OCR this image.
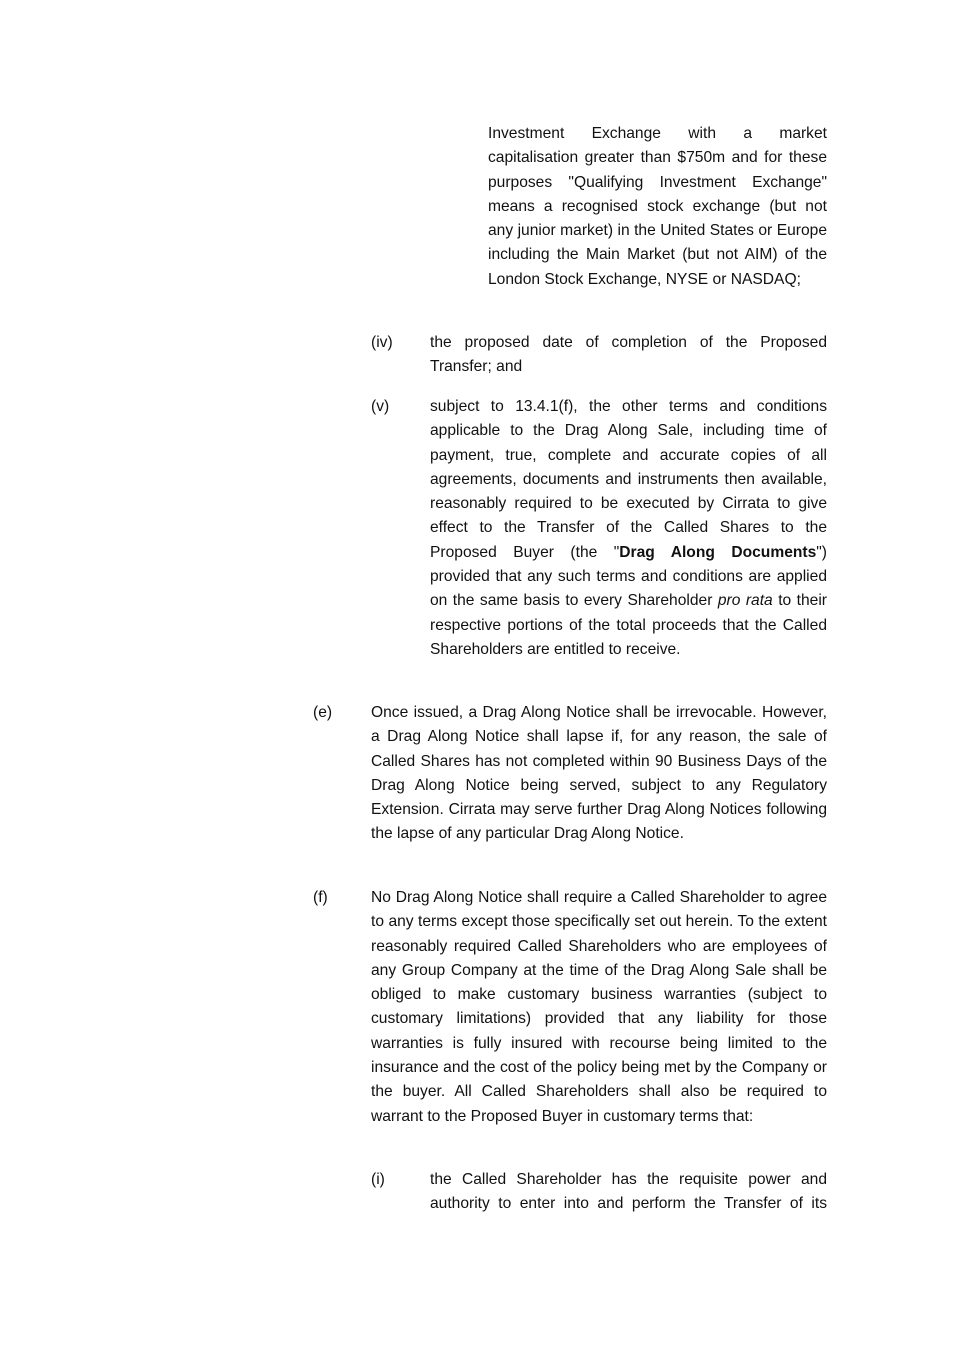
Investment Exchange with a market capitalisation greater than $750m and for these purposes "Qualifying Investment Exchange" means a recognised stock exchange (but not any junior market) in the United States or Europe including the Main Market (but not AIM) of the London Stock Exchange, NYSE or NASDAQ;

(iv) the proposed date of completion of the Proposed Transfer; and

(v)	subject to 13.4.1(f), the other terms and conditions applicable to the Drag Along Sale, including time of payment, true, complete and accurate copies of all agreements, documents and instruments then available, reasonably required to be executed by Cirrata to give effect to the Transfer of the Called Shares to the Proposed Buyer (the "Drag Along Documents") provided that any such terms and conditions are applied on the same basis to every Shareholder pro rata to their respective portions of the total proceeds that the Called Shareholders are entitled to receive.

(e) Once issued, a Drag Along Notice shall be irrevocable. However, a Drag Along Notice shall lapse if, for any reason, the sale of Called Shares has not completed within 90 Business Days of the Drag Along Notice being served, subject to any Regulatory Extension. Cirrata may serve further Drag Along Notices following the lapse of any particular Drag Along Notice.

(f)	No Drag Along Notice shall require a Called Shareholder to agree to any terms except those specifically set out herein. To the extent reasonably required Called Shareholders who are employees of any Group Company at the time of the Drag Along Sale shall be obliged to make customary business warranties (subject to customary limitations) provided that any liability for those warranties is fully insured with recourse being limited to the insurance and the cost of the policy being met by the Company or the buyer. All Called Shareholders shall also be required to warrant to the Proposed Buyer in customary terms that:

(i)	the Called Shareholder has the requisite power and authority to enter into and perform the Transfer of its
